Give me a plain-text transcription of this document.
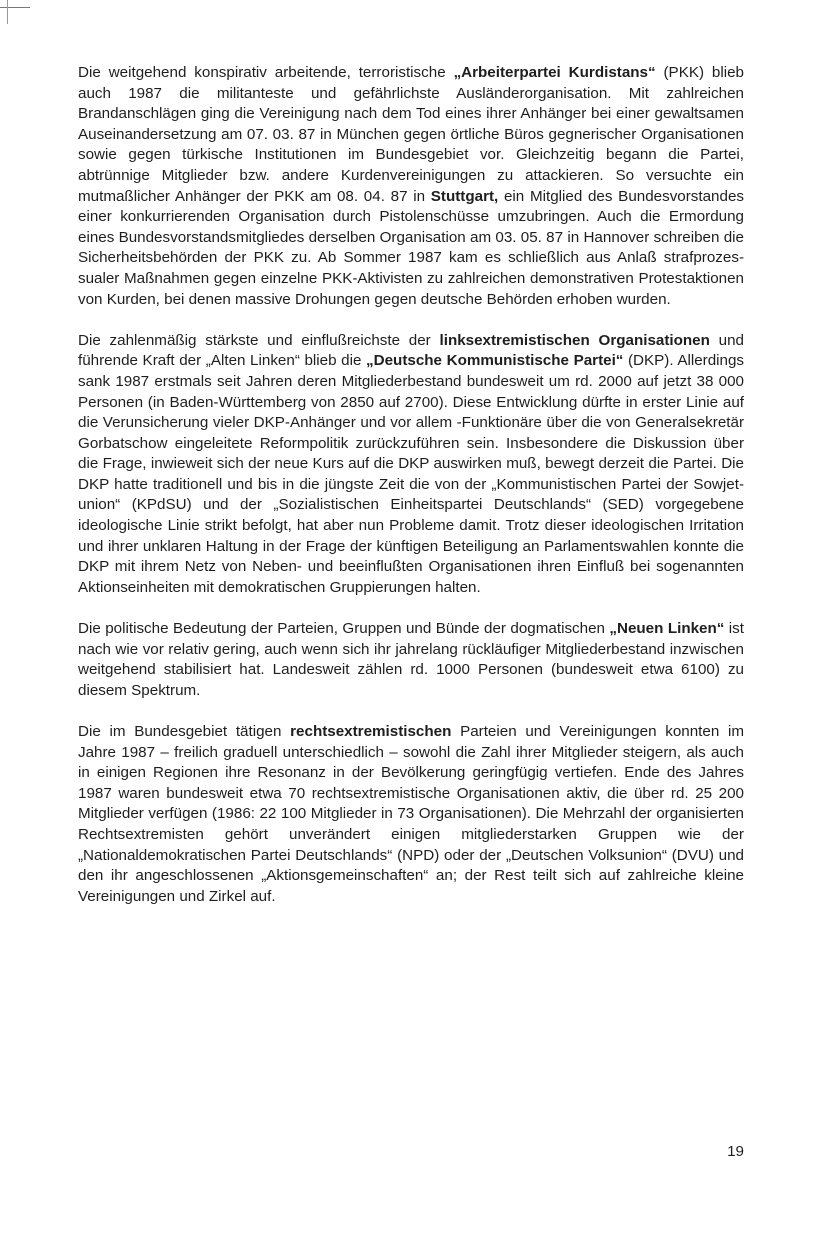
Die weitgehend konspirativ arbeitende, terroristische „Arbeiterpartei Kurdistans“ (PKK) blieb auch 1987 die militanteste und gefährlichste Ausländerorganisation. Mit zahlreichen Brandanschlägen ging die Vereinigung nach dem Tod eines ihrer Anhänger bei einer gewaltsamen Auseinandersetzung am 07. 03. 87 in München gegen örtliche Büros gegnerischer Organisationen sowie gegen türkische Institutionen im Bundesgebiet vor. Gleichzeitig begann die Partei, abtrünnige Mitglieder bzw. andere Kurdenvereinigungen zu attackieren. So versuchte ein mutmaßlicher Anhänger der PKK am 08. 04. 87 in Stuttgart, ein Mitglied des Bundesvorstandes einer konkurrierenden Organisation durch Pistolenschüsse umzubringen. Auch die Ermordung eines Bundesvorstandsmitgliedes derselben Organisation am 03. 05. 87 in Hannover schreiben die Sicherheitsbehörden der PKK zu. Ab Sommer 1987 kam es schließlich aus Anlaß strafprozessualer Maßnahmen gegen einzelne PKK-Aktivisten zu zahlreichen demonstrativen Protestaktionen von Kurden, bei denen massive Drohungen gegen deutsche Behörden erhoben wurden.

Die zahlenmäßig stärkste und einflußreichste der linksextremistischen Organisationen und führende Kraft der „Alten Linken“ blieb die „Deutsche Kommunistische Partei“ (DKP). Allerdings sank 1987 erstmals seit Jahren deren Mitgliederbestand bundesweit um rd. 2000 auf jetzt 38 000 Personen (in Baden-Württemberg von 2850 auf 2700). Diese Entwicklung dürfte in erster Linie auf die Verunsicherung vieler DKP-Anhänger und vor allem -Funktionäre über die von Generalsekretär Gorbatschow eingeleitete Reformpolitik zurückzuführen sein. Insbesondere die Diskussion über die Frage, inwieweit sich der neue Kurs auf die DKP auswirken muß, bewegt derzeit die Partei. Die DKP hatte traditionell und bis in die jüngste Zeit die von der „Kommunistischen Partei der Sowjetunion“ (KPdSU) und der „Sozialistischen Einheitspartei Deutschlands“ (SED) vorgegebene ideologische Linie strikt befolgt, hat aber nun Probleme damit. Trotz dieser ideologischen Irritation und ihrer unklaren Haltung in der Frage der künftigen Beteiligung an Parlamentswahlen konnte die DKP mit ihrem Netz von Neben- und beeinflußten Organisationen ihren Einfluß bei sogenannten Aktionseinheiten mit demokratischen Gruppierungen halten.

Die politische Bedeutung der Parteien, Gruppen und Bünde der dogmatischen „Neuen Linken“ ist nach wie vor relativ gering, auch wenn sich ihr jahrelang rückläufiger Mitgliederbestand inzwischen weitgehend stabilisiert hat. Landesweit zählen rd. 1000 Personen (bundesweit etwa 6100) zu diesem Spektrum.

Die im Bundesgebiet tätigen rechtsextremistischen Parteien und Vereinigungen konnten im Jahre 1987 – freilich graduell unterschiedlich – sowohl die Zahl ihrer Mitglieder steigern, als auch in einigen Regionen ihre Resonanz in der Bevölkerung geringfügig vertiefen. Ende des Jahres 1987 waren bundesweit etwa 70 rechtsextremistische Organisationen aktiv, die über rd. 25 200 Mitglieder verfügen (1986: 22 100 Mitglieder in 73 Organisationen). Die Mehrzahl der organisierten Rechtsextremisten gehört unverändert einigen mitgliederstarken Gruppen wie der „Nationaldemokratischen Partei Deutschlands“ (NPD) oder der „Deutschen Volksunion“ (DVU) und den ihr angeschlossenen „Aktionsgemeinschaften“ an; der Rest teilt sich auf zahlreiche kleine Vereinigungen und Zirkel auf.

19
